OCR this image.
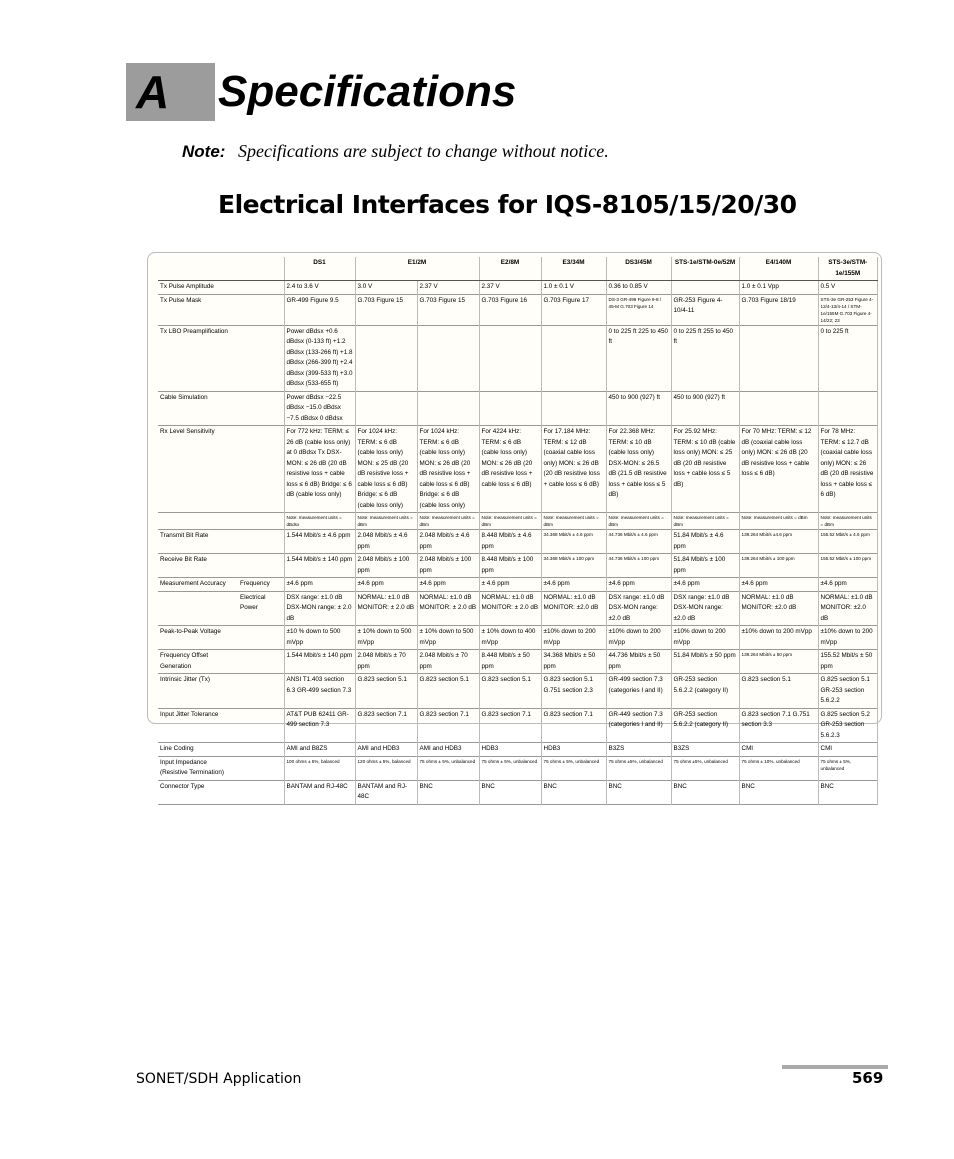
A Specifications
Note: Specifications are subject to change without notice.
Electrical Interfaces for IQS-8105/15/20/30
		DS1	E1/2M		E2/8M	E3/34M	DS3/45M	STS-1e/STM-0e/52M	E4/140M	STS-3e/STM-1e/155M
Tx Pulse Amplitude		2.4 to 3.6 V	3.0 V	2.37 V	2.37 V	1.0 ± 0.1 V	0.36 to 0.85 V		1.0 ± 0.1 Vpp	0.5 V
Tx Pulse Mask		GR-499 Figure 9.5	G.703 Figure 15	G.703 Figure 15	G.703 Figure 16	G.703 Figure 17	DS-3 GR-499 Figure 9-8 / 45-M G.703 Figure 14	GR-253 Figure 4-10/4-11	G.703 Figure 18/19	STS-3e GR-253 Figure 4-12/4-13/4-14 / STM-1e/155M G.703 Figure 4-14/22; 23
Tx LBO Preamplification		Power dBdsx +0.6 dBdsx (0-133 ft) +1.2 dBdsx (133-266 ft) +1.8 dBdsx (266-399 ft) +2.4 dBdsx (399-533 ft) +3.0 dBdsx (533-655 ft)					0 to 225 ft 225 to 450 ft	0 to 225 ft 255 to 450 ft		0 to 225 ft
Cable Simulation		Power dBdsx −22.5 dBdsx −15.0 dBdsx −7.5 dBdsx 0 dBdsx					450 to 900 (927) ft	450 to 900 (927) ft		
Rx Level Sensitivity		For 772 kHz: TERM: ≤ 26 dB (cable loss only) at 0 dBdsx Tx DSX-MON: ≤ 26 dB (20 dB resistive loss + cable loss ≤ 6 dB) Bridge: ≤ 6 dB (cable loss only)	For 1024 kHz: TERM: ≤ 6 dB (cable loss only) MON: ≤ 25 dB (20 dB resistive loss + cable loss ≤ 6 dB) Bridge: ≤ 6 dB (cable loss only)	For 1024 kHz: TERM: ≤ 6 dB (cable loss only) MON: ≤ 26 dB (20 dB resistive loss + cable loss ≤ 6 dB) Bridge: ≤ 6 dB (cable loss only)	For 4224 kHz: TERM: ≤ 6 dB (cable loss only) MON: ≤ 26 dB (20 dB resistive loss + cable loss ≤ 6 dB)	For 17.184 MHz: TERM: ≤ 12 dB (coaxial cable loss only) MON: ≤ 26 dB (20 dB resistive loss + cable loss ≤ 6 dB)	For 22.368 MHz: TERM: ≤ 10 dB (cable loss only) DSX-MON: ≤ 26.5 dB (21.5 dB resistive loss + cable loss ≤ 5 dB)	For 25.92 MHz: TERM: ≤ 10 dB (cable loss only) MON: ≤ 25 dB (20 dB resistive loss + cable loss ≤ 5 dB)	For 70 MHz: TERM: ≤ 12 dB (coaxial cable loss only) MON: ≤ 26 dB (20 dB resistive loss + cable loss ≤ 6 dB)	For 78 MHz: TERM: ≤ 12.7 dB (coaxial cable loss only) MON: ≤ 26 dB (20 dB resistive loss + cable loss ≤ 6 dB)
		Note: measurement units = dBdsx	Note: measurement units = dBm	Note: measurement units = dBm	Note: measurement units = dBm	Note: measurement units = dBm	Note: measurement units = dBm	Note: measurement units = dBm	Note: measurement units = dBm	Note: measurement units = dBm
Transmit Bit Rate		1.544 Mbit/s ± 4.6 ppm	2.048 Mbit/s ± 4.6 ppm	2.048 Mbit/s ± 4.6 ppm	8.448 Mbit/s ± 4.6 ppm	34.368 Mbit/s ± 4.6 ppm	44.736 Mbit/s ± 4.6 ppm	51.84 Mbit/s ± 4.6 ppm	139.264 Mbit/s ±4.6 ppm	155.52 Mbit/s ± 4.6 ppm
Receive Bit Rate		1.544 Mbit/s ± 140 ppm	2.048 Mbit/s ± 100 ppm	2.048 Mbit/s ± 100 ppm	8.448 Mbit/s ± 100 ppm	34.368 Mbit/s ± 100 ppm	44.736 Mbit/s ± 100 ppm	51.84 Mbit/s ± 100 ppm	139.264 Mbit/s ± 100 ppm	155.52 Mbit/s ± 100 ppm
Measurement Accuracy	Frequency	±4.6 ppm	±4.6 ppm	±4.6 ppm	± 4.6 ppm	±4.6 ppm	±4.6 ppm	±4.6 ppm	±4.6 ppm	±4.6 ppm
	Electrical Power	DSX range: ±1.0 dB DSX-MON range: ± 2.0 dB	NORMAL: ±1.0 dB MONITOR: ± 2.0 dB	NORMAL: ±1.0 dB MONITOR: ± 2.0 dB	NORMAL: ±1.0 dB MONITOR: ± 2.0 dB	NORMAL: ±1.0 dB MONITOR: ±2.0 dB	DSX range: ±1.0 dB DSX-MON range: ±2.0 dB	DSX range: ±1.0 dB DSX-MON range: ±2.0 dB	NORMAL: ±1.0 dB MONITOR: ±2.0 dB	NORMAL: ±1.0 dB MONITOR: ±2.0 dB
Peak-to-Peak Voltage		±10 % down to 500 mVpp	± 10% down to 500 mVpp	± 10% down to 500 mVpp	± 10% down to 400 mVpp	±10% down to 200 mVpp	±10% down to 200 mVpp	±10% down to 200 mVpp	±10% down to 200 mVpp	±10% down to 200 mVpp
Frequency Offset Generation		1.544 Mbit/s ± 140 ppm	2.048 Mbit/s ± 70 ppm	2.048 Mbit/s ± 70 ppm	8.448 Mbit/s ± 50 ppm	34.368 Mbit/s ± 50 ppm	44.736 Mbit/s ± 50 ppm	51.84 Mbit/s ± 50 ppm	139.264 Mbit/s ± 50 ppm	155.52 Mbit/s ± 50 ppm
Intrinsic Jitter (Tx)		ANSI T1.403 section 6.3 GR-499 section 7.3	G.823 section 5.1	G.823 section 5.1	G.823 section 5.1	G.823 section 5.1 G.751 section 2.3	GR-499 section 7.3 (categories I and II)	GR-253 section 5.6.2.2 (category II)	G.823 section 5.1	G.825 section 5.1 GR-253 section 5.6.2.2
Input Jitter Tolerance		AT&T PUB 62411 GR-499 section 7.3	G.823 section 7.1	G.823 section 7.1	G.823 section 7.1	G.823 section 7.1	GR-449 section 7.3 (categories I and II)	GR-253 section 5.6.2.2 (category II)	G.823 section 7.1 G.751 section 3.3	G.825 section 5.2 GR-253 section 5.6.2.3
Line Coding		AMI and B8ZS	AMI and HDB3	AMI and HDB3	HDB3	HDB3	B3ZS	B3ZS	CMI	CMI
Input Impedance (Resistive Termination)		100 ohms ± 5%, balanced	120 ohms ± 5%, balanced	75 ohms ± 5%, unbalanced	75 ohms ± 5%, unbalanced	75 ohms ± 5%, unbalanced	75 ohms ±5%, unbalanced	75 ohms ±5%, unbalanced	75 ohms ± 10%, unbalanced	75 ohms ± 5%, unbalanced
Connector Type		BANTAM and RJ-48C	BANTAM and RJ-48C	BNC	BNC	BNC	BNC	BNC	BNC	BNC
SONET/SDH Application	569
